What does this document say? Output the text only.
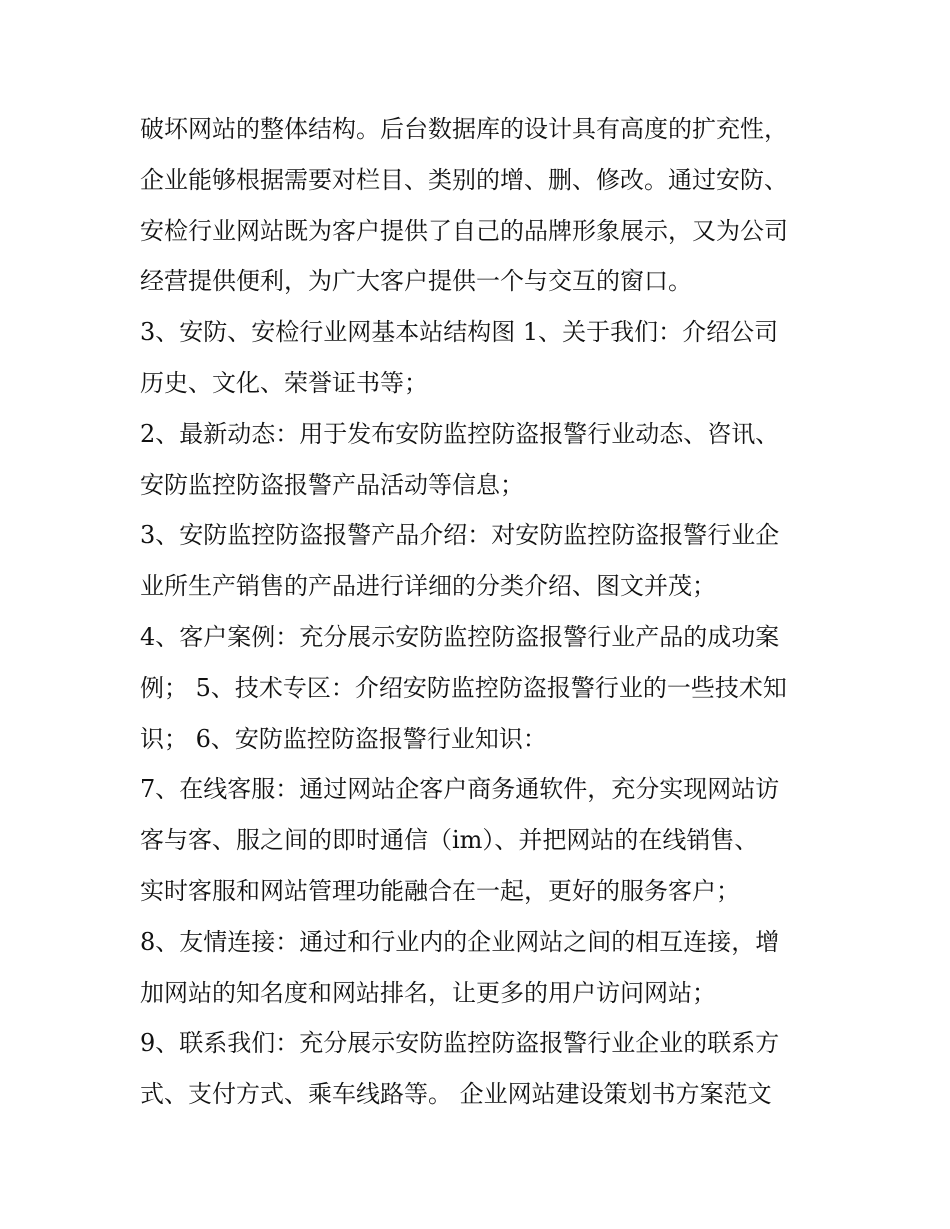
破坏网站的整体结构。后台数据库的设计具有高度的扩充性，
企业能够根据需要对栏目、类别的增、删、修改。通过安防、
安检行业网站既为客户提供了自己的品牌形象展示，又为公司
经营提供便利，为广大客户提供一个与交互的窗口。
3、安防、安检行业网基本站结构图 1、关于我们：介绍公司
历史、文化、荣誉证书等；
2、最新动态：用于发布安防监控防盗报警行业动态、咨讯、
安防监控防盗报警产品活动等信息；
3、安防监控防盗报警产品介绍：对安防监控防盗报警行业企
业所生产销售的产品进行详细的分类介绍、图文并茂；
4、客户案例：充分展示安防监控防盗报警行业产品的成功案
例； 5、技术专区：介绍安防监控防盗报警行业的一些技术知
识； 6、安防监控防盗报警行业知识：
7、在线客服：通过网站企客户商务通软件，充分实现网站访
客与客、服之间的即时通信（im）、并把网站的在线销售、
实时客服和网站管理功能融合在一起，更好的服务客户；
8、友情连接：通过和行业内的企业网站之间的相互连接，增
加网站的知名度和网站排名，让更多的用户访问网站；
9、联系我们：充分展示安防监控防盗报警行业企业的联系方
式、支付方式、乘车线路等。 企业网站建设策划书方案范文
